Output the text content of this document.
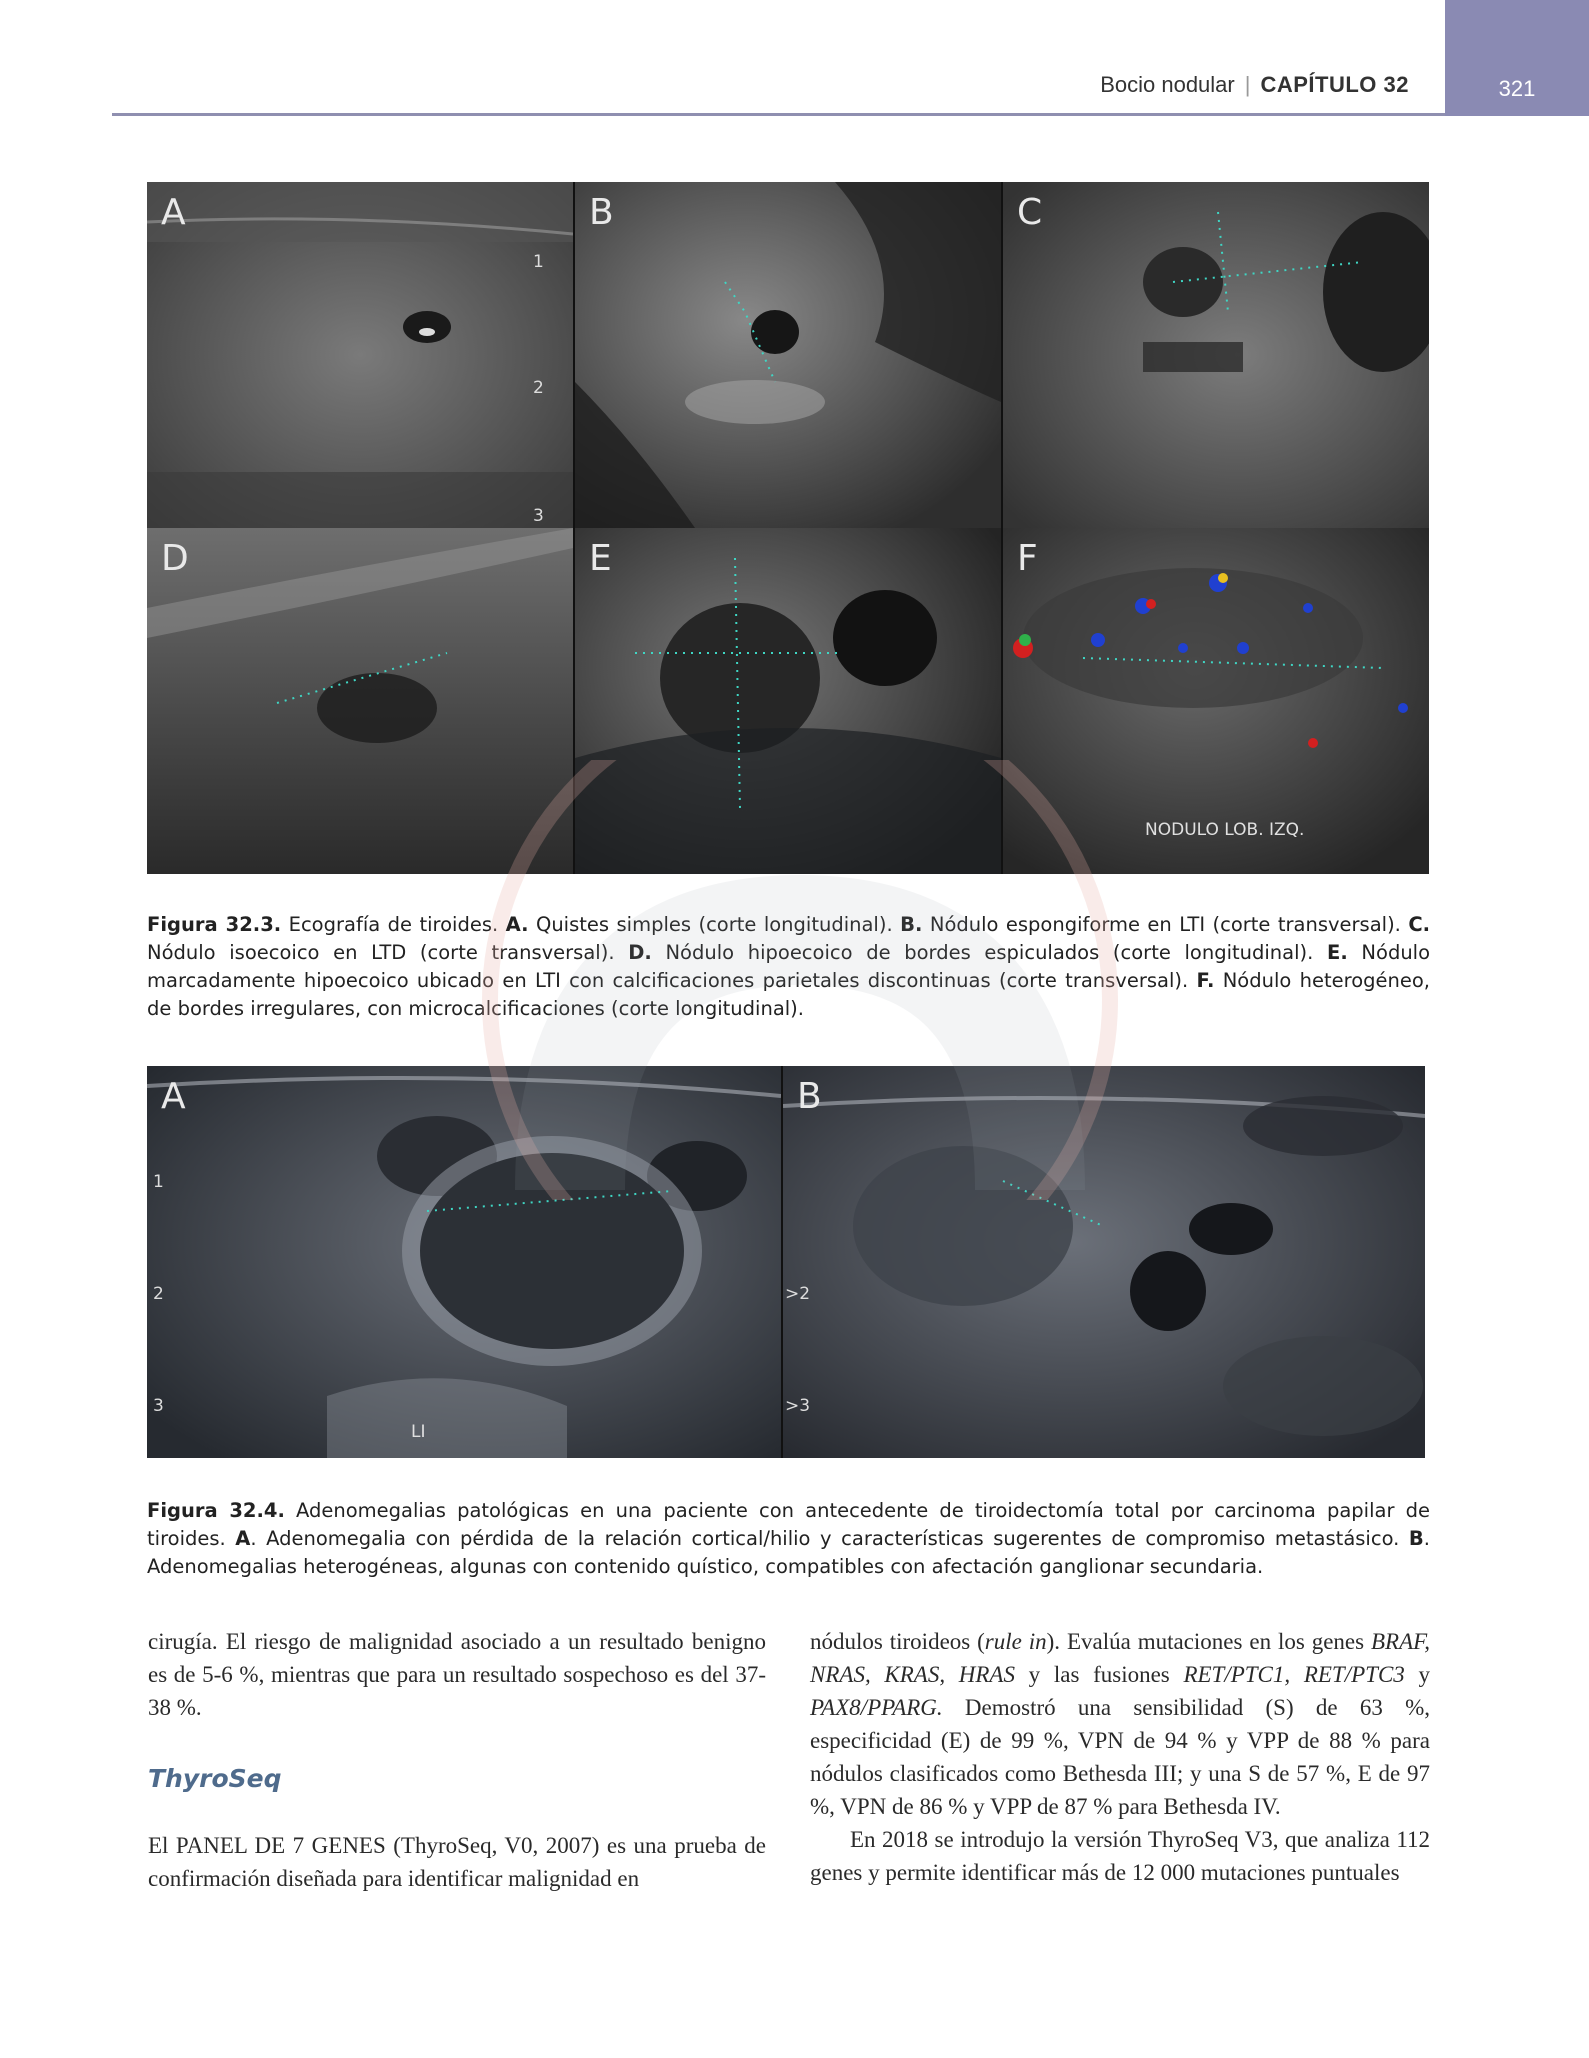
321
Bocio nodular | CAPÍTULO 32
A
1
2
3
B	C
D	E	F
NODULO LOB. IZQ.

Figura 32.3. Ecografía de tiroides. A. Quistes simples (corte longitudinal). B. Nódulo espongiforme en LTI (corte transversal). C. Nódulo isoecoico en LTD (corte transversal). D. Nódulo hipoecoico de bordes espiculados (corte longitudinal). E. Nódulo marcadamente hipoecoico ubicado en LTI con calcificaciones parietales discontinuas (corte transversal). F. Nódulo heterogéneo, de bordes irregulares, con microcalcificaciones (corte longitudinal).

A
1
2
3
LI
B
>2
>3

Figura 32.4. Adenomegalias patológicas en una paciente con antecedente de tiroidectomía total por carcinoma papilar de tiroides. A. Adenomegalia con pérdida de la relación cortical/hilio y características sugerentes de compromiso metastásico. B. Adenomegalias heterogéneas, algunas con contenido quístico, compatibles con afectación ganglionar secundaria.

cirugía. El riesgo de malignidad asociado a un resultado benigno es de 5-6 %, mientras que para un resultado sospechoso es del 37-38 %.

ThyroSeq

El PANEL DE 7 GENES (ThyroSeq, V0, 2007) es una prueba de confirmación diseñada para identificar malignidad en

nódulos tiroideos (rule in). Evalúa mutaciones en los genes BRAF, NRAS, KRAS, HRAS y las fusiones RET/PTC1, RET/PTC3 y PAX8/PPARG. Demostró una sensibilidad (S) de 63 %, especificidad (E) de 99 %, VPN de 94 % y VPP de 88 % para nódulos clasificados como Bethesda III; y una S de 57 %, E de 97 %, VPN de 86 % y VPP de 87 % para Bethesda IV.

En 2018 se introdujo la versión ThyroSeq V3, que analiza 112 genes y permite identificar más de 12 000 mutaciones puntuales
